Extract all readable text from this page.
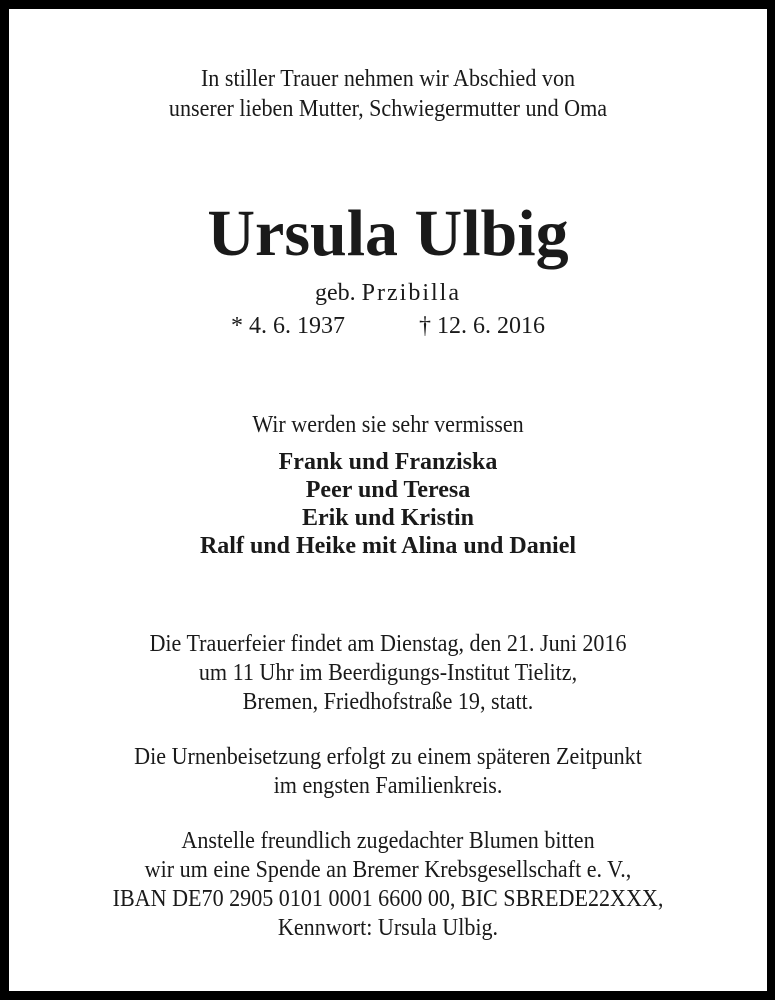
In stiller Trauer nehmen wir Abschied von
unserer lieben Mutter, Schwiegermutter und Oma
Ursula Ulbig
geb. Przibilla
* 4. 6. 1937	† 12. 6. 2016
Wir werden sie sehr vermissen
Frank und Franziska
Peer und Teresa
Erik und Kristin
Ralf und Heike mit Alina und Daniel
Die Trauerfeier findet am Dienstag, den 21. Juni 2016
um 11 Uhr im Beerdigungs-Institut Tielitz,
Bremen, Friedhofstraße 19, statt.
Die Urnenbeisetzung erfolgt zu einem späteren Zeitpunkt
im engsten Familienkreis.
Anstelle freundlich zugedachter Blumen bitten
wir um eine Spende an Bremer Krebsgesellschaft e. V.,
IBAN DE70 2905 0101 0001 6600 00, BIC SBREDE22XXX,
Kennwort: Ursula Ulbig.
